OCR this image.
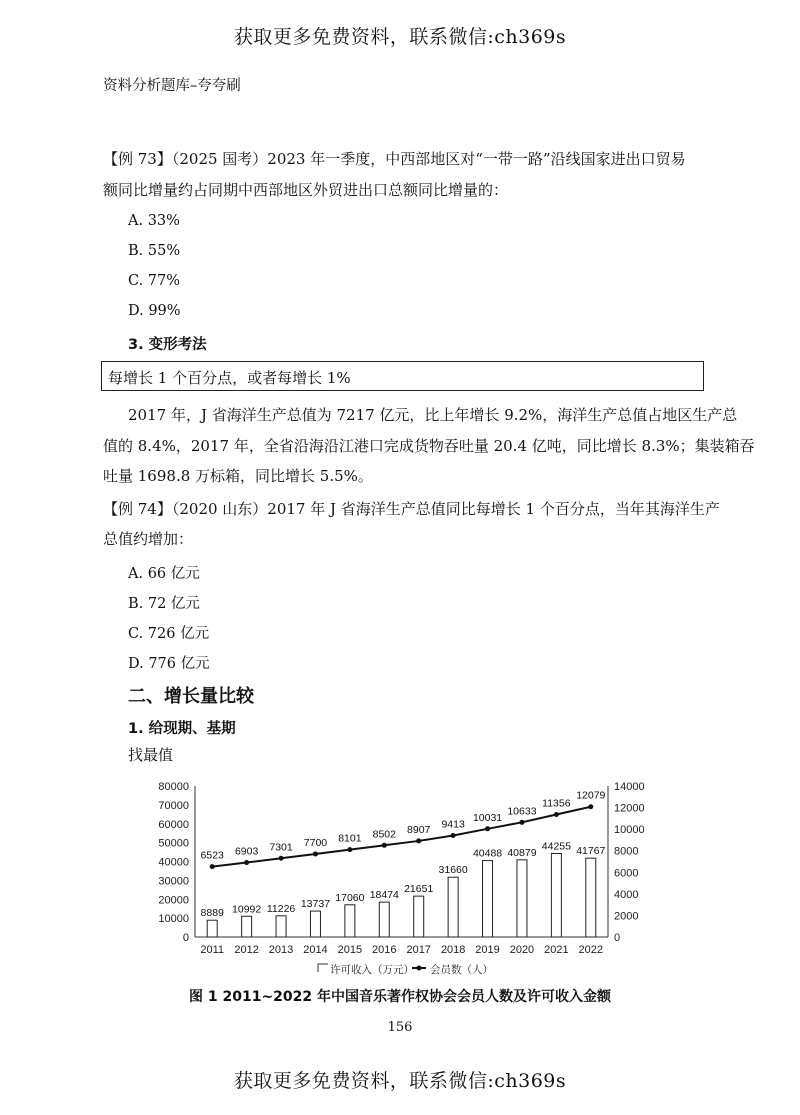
获取更多免费资料，联系微信:ch369s
资料分析题库–夸夸刷
【例 73】（2025 国考）2023 年一季度，中西部地区对“一带一路”沿线国家进出口贸易
额同比增量约占同期中西部地区外贸进出口总额同比增量的：
A. 33%
B. 55%
C. 77%
D. 99%
3. 变形考法
每增长 1 个百分点，或者每增长 1%
2017 年，J 省海洋生产总值为 7217 亿元，比上年增长 9.2%，海洋生产总值占地区生产总
值的 8.4%，2017 年，全省沿海沿江港口完成货物吞吐量 20.4 亿吨，同比增长 8.3%；集装箱吞
吐量 1698.8 万标箱，同比增长 5.5%。
【例 74】（2020 山东）2017 年 J 省海洋生产总值同比每增长 1 个百分点，当年其海洋生产
总值约增加：
A. 66 亿元
B. 72 亿元
C. 726 亿元
D. 776 亿元
二、增长量比较
1. 给现期、基期
找最值
0
10000
20000
30000
40000
50000
60000
70000
80000
0
2000
4000
6000
8000
10000
12000
14000
2011 2012 2013 2014 2015 2016 2017 2018 2019 2020 2021 2022
8889 10992 11226 13737
17060 18474 21651
31660
40488 40879
44255 41767
6523 6903 7301 7700 8101 8502 8907 9413
10031
10633
11356
12079
许可收入（万元） 会员数（人）
图 1 2011~2022 年中国音乐著作权协会会员人数及许可收入金额
156
获取更多免费资料，联系微信:ch369s
